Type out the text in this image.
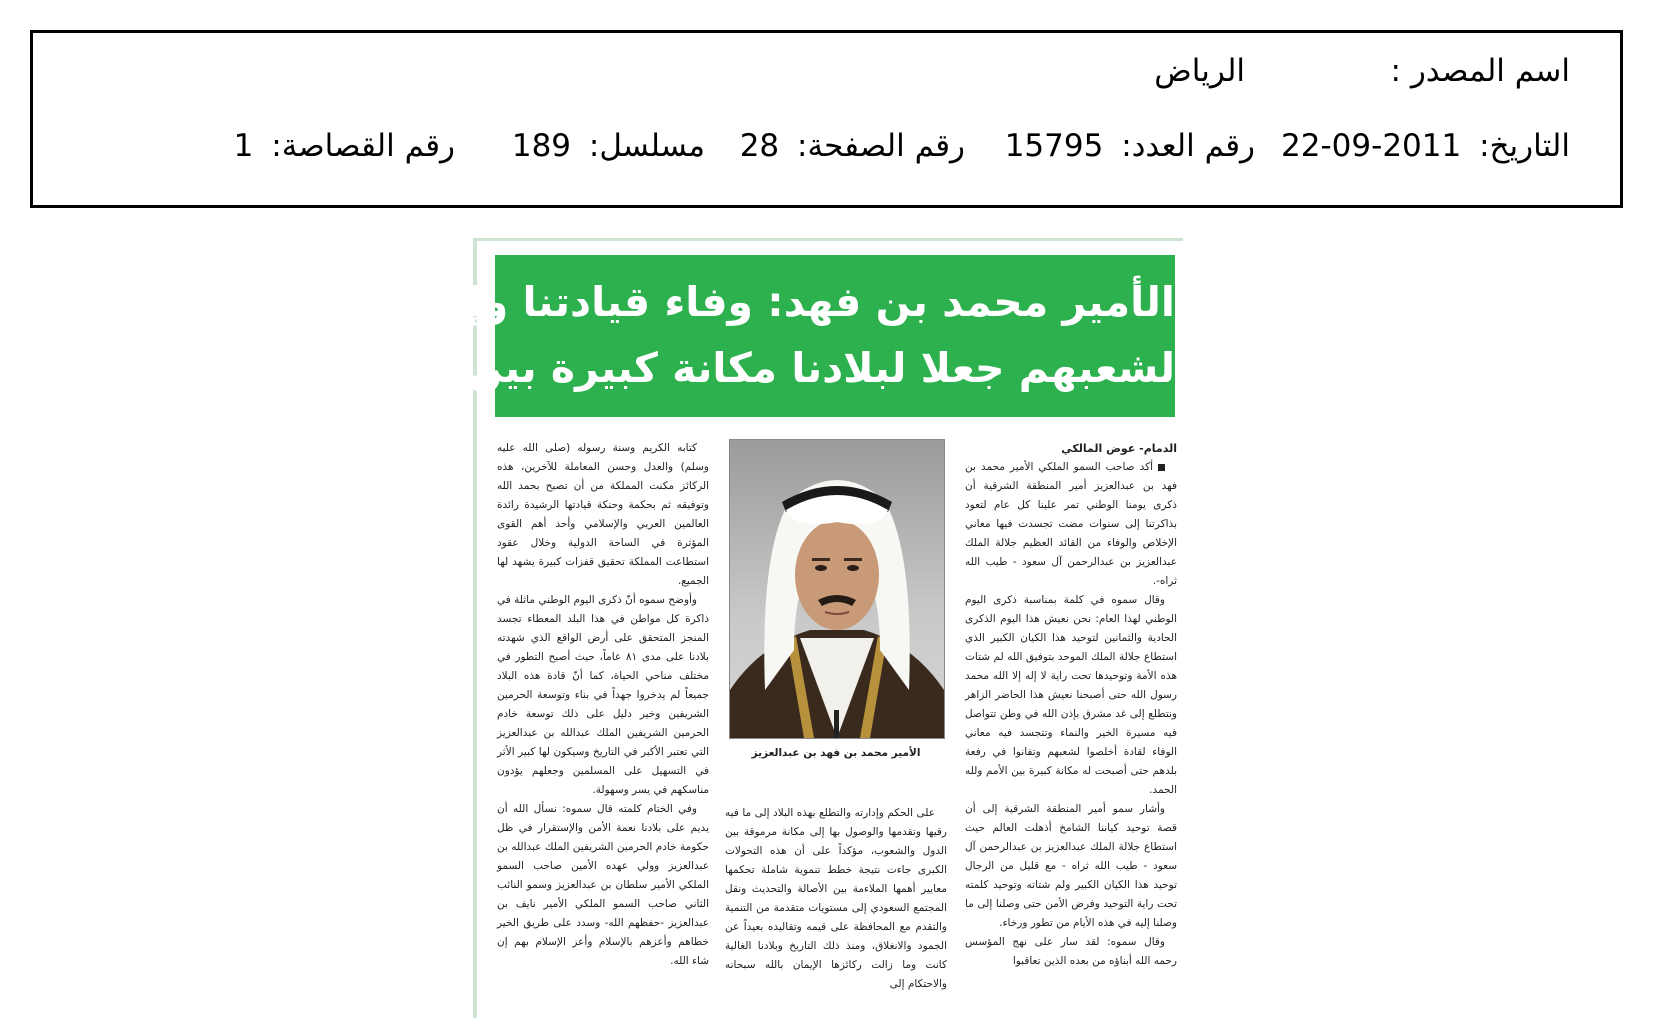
اسم المصدر :
الرياض
التاريخ: 2011-09-22
رقم العدد: 15795
رقم الصفحة: 28
مسلسل: 189
رقم القصاصة: 1
الأمير محمد بن فهد: وفاء قيادتنا وإخلاصهم
لشعبهم جعلا لبلادنا مكانة كبيرة بين الأمم
الدمام- عوض المالكي

أكد صاحب السمو الملكي الأمير محمد بن فهد بن عبدالعزيز أمير المنطقة الشرقية أن ذكرى يومنا الوطني تمر علينا كل عام لتعود بذاكرتنا إلى سنوات مضت تجسدت فيها معاني الإخلاص والوفاء من القائد العظيم جلالة الملك عبدالعزيز بن عبدالرحمن آل سعود - طيب الله ثراه-.

وقال سموه في كلمة بمناسبة ذكرى اليوم الوطني لهذا العام: نحن نعيش هذا اليوم الذكرى الحادية والثمانين لتوحيد هذا الكيان الكبير الذي استطاع جلالة الملك الموحد بتوفيق الله لم شتات هذه الأمة وتوحيدها تحت راية لا إله إلا الله محمد رسول الله حتى أصبحنا نعيش هذا الحاضر الزاهر ونتطلع إلى غد مشرق بإذن الله في وطن تتواصل فيه مسيرة الخير والنماء وتتجسد فيه معاني الوفاء لقادة أخلصوا لشعبهم وتفانوا في رفعة بلدهم حتى أصبحت له مكانة كبيرة بين الأمم ولله الحمد.

وأشار سمو أمير المنطقة الشرقية إلى أن قصة توحيد كياننا الشامخ أذهلت العالم حيث استطاع جلالة الملك عبدالعزيز بن عبدالرحمن آل سعود - طيب الله ثراه - مع قليل من الرجال توحيد هذا الكيان الكبير ولم شتاته وتوحيد كلمته تحت راية التوحيد وفرض الأمن حتى وصلنا إلى ما وصلنا إليه في هذه الأيام من تطور ورخاء.

وقال سموه: لقد سار على نهج المؤسس رحمه الله أبناؤه من بعده الذين تعاقبوا

الأمير محمد بن فهد بن عبدالعزيز

على الحكم وإدارته والتطلع بهذه البلاد إلى ما فيه رقيها وتقدمها والوصول بها إلى مكانة مرموقة بين الدول والشعوب، مؤكداً على أن هذه التحولات الكبرى جاءت نتيجة خطط تنموية شاملة تحكمها معايير أهمها الملاءمة بين الأصالة والتحديث ونقل المجتمع السعودي إلى مستويات متقدمة من التنمية والتقدم مع المحافظة على قيمه وتقاليده بعيداً عن الجمود والانغلاق، ومنذ ذلك التاريخ وبلادنا الغالية كانت وما زالت ركائزها الإيمان بالله سبحانه والاحتكام إلى

كتابه الكريم وسنة رسوله (صلى الله عليه وسلم) والعدل وحسن المعاملة للآخرين، هذه الركائز مكنت المملكة من أن تصبح بحمد الله وتوفيقه ثم بحكمة وحنكة قيادتها الرشيدة رائدة العالمين العربي والإسلامي وأحد أهم القوى المؤثرة في الساحة الدولية وخلال عقود استطاعت المملكة تحقيق قفزات كبيرة يشهد لها الجميع.

وأوضح سموه أنّ ذكرى اليوم الوطني ماثلة في ذاكرة كل مواطن في هذا البلد المعطاء تجسد المنجز المتحقق على أرض الواقع الذي شهدته بلادنا على مدى ٨١ عاماً، حيث أصبح التطور في مختلف مناحي الحياة، كما أنّ قادة هذه البلاد جميعاً لم يدخروا جهداً في بناء وتوسعة الحرمين الشريفين وخير دليل على ذلك توسعة خادم الحرمين الشريفين الملك عبدالله بن عبدالعزيز التي تعتبر الأكبر في التاريخ وسيكون لها كبير الأثر في التسهيل على المسلمين وجعلهم يؤدون مناسكهم في يسر وسهولة.

وفي الختام كلمته قال سموه: نسأل الله أن يديم على بلادنا نعمة الأمن والإستقرار في ظل حكومة خادم الحرمين الشريفين الملك عبدالله بن عبدالعزيز وولي عهده الأمين صاحب السمو الملكي الأمير سلطان بن عبدالعزيز وسمو النائب الثاني صاحب السمو الملكي الأمير نايف بن عبدالعزيز -حفظهم الله- وسدد على طريق الخير خطاهم وأعزهم بالإسلام وأعز الإسلام بهم إن شاء الله.
